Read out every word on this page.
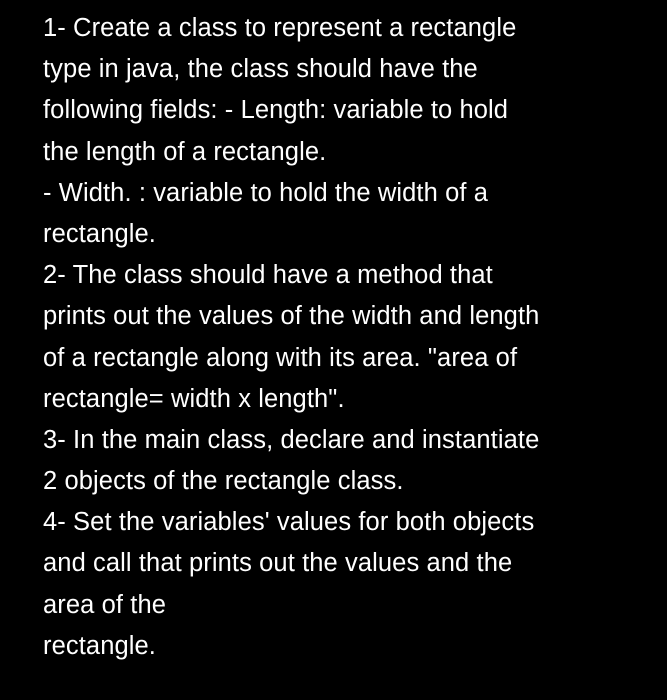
1- Create a class to represent a rectangle
type in java, the class should have the
following fields: - Length: variable to hold
the length of a rectangle.
- Width. : variable to hold the width of a
rectangle.
2- The class should have a method that
prints out the values of the width and length
of a rectangle along with its area. "area of
rectangle= width x length".
3- In the main class, declare and instantiate
2 objects of the rectangle class.
4- Set the variables' values for both objects
and call that prints out the values and the
area of the
rectangle.
